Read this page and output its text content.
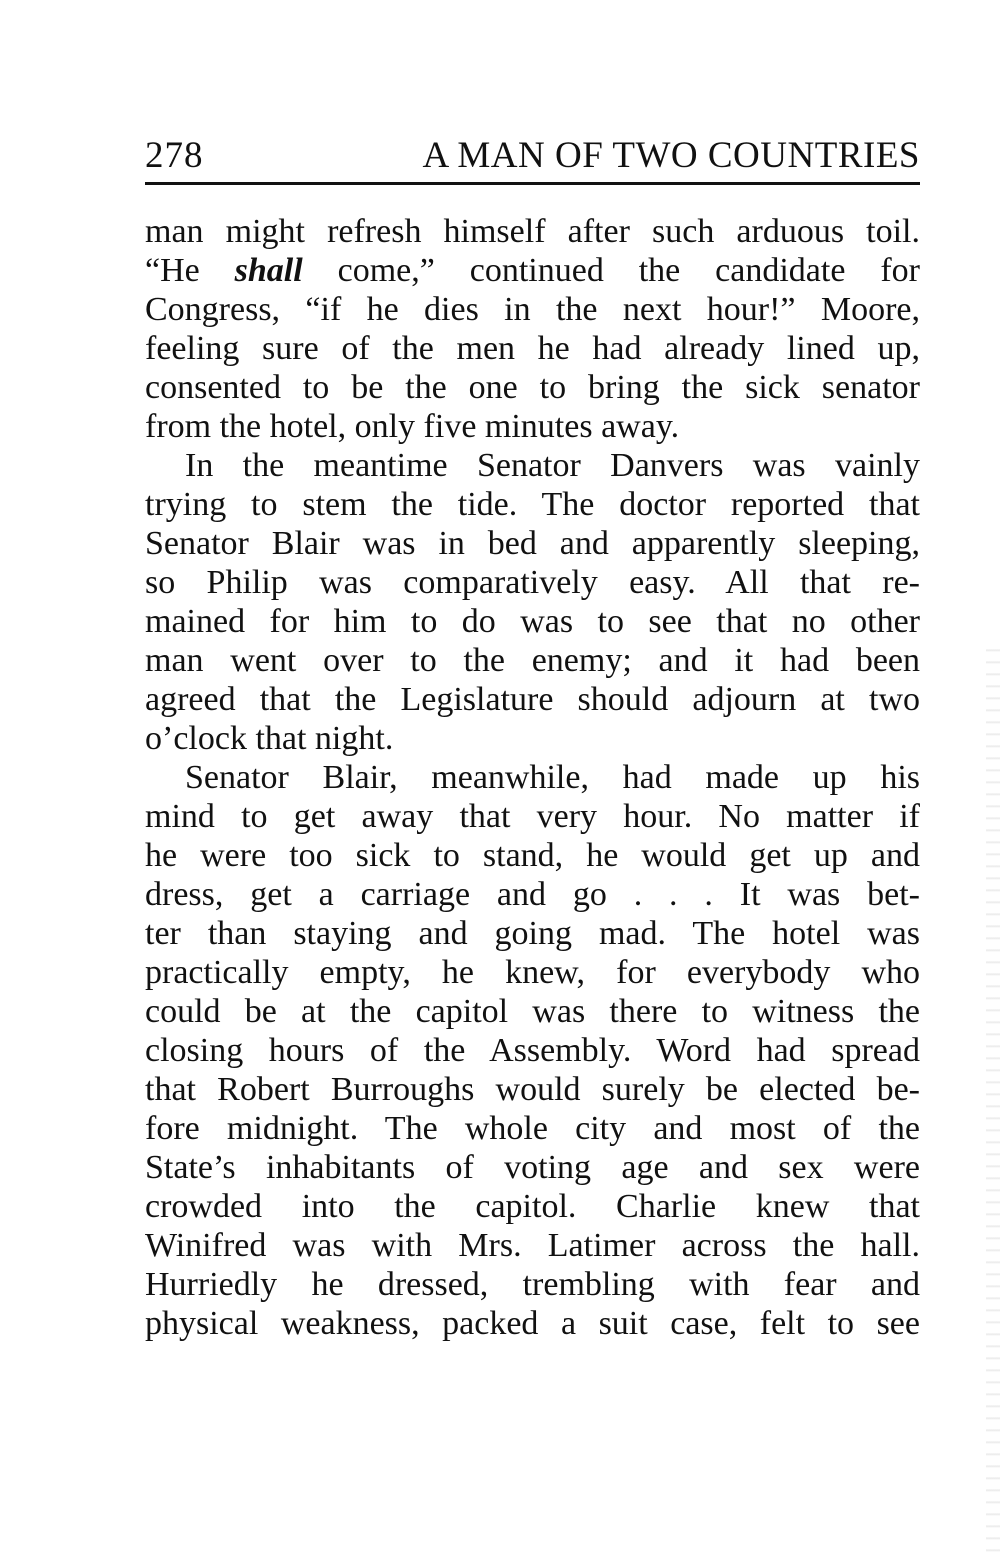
278	A MAN OF TWO COUNTRIES
man might refresh himself after such arduous toil.
“He shall come,” continued the candidate for
Congress, “if he dies in the next hour!” Moore,
feeling sure of the men he had already lined up,
consented to be the one to bring the sick senator
from the hotel, only five minutes away.
In the meantime Senator Danvers was vainly
trying to stem the tide. The doctor reported that
Senator Blair was in bed and apparently sleeping,
so Philip was comparatively easy. All that re-
mained for him to do was to see that no other
man went over to the enemy; and it had been
agreed that the Legislature should adjourn at two
o’clock that night.
Senator Blair, meanwhile, had made up his
mind to get away that very hour. No matter if
he were too sick to stand, he would get up and
dress, get a carriage and go . . . It was bet-
ter than staying and going mad. The hotel was
practically empty, he knew, for everybody who
could be at the capitol was there to witness the
closing hours of the Assembly. Word had spread
that Robert Burroughs would surely be elected be-
fore midnight. The whole city and most of the
State’s inhabitants of voting age and sex were
crowded into the capitol. Charlie knew that
Winifred was with Mrs. Latimer across the hall.
Hurriedly he dressed, trembling with fear and
physical weakness, packed a suit case, felt to see
